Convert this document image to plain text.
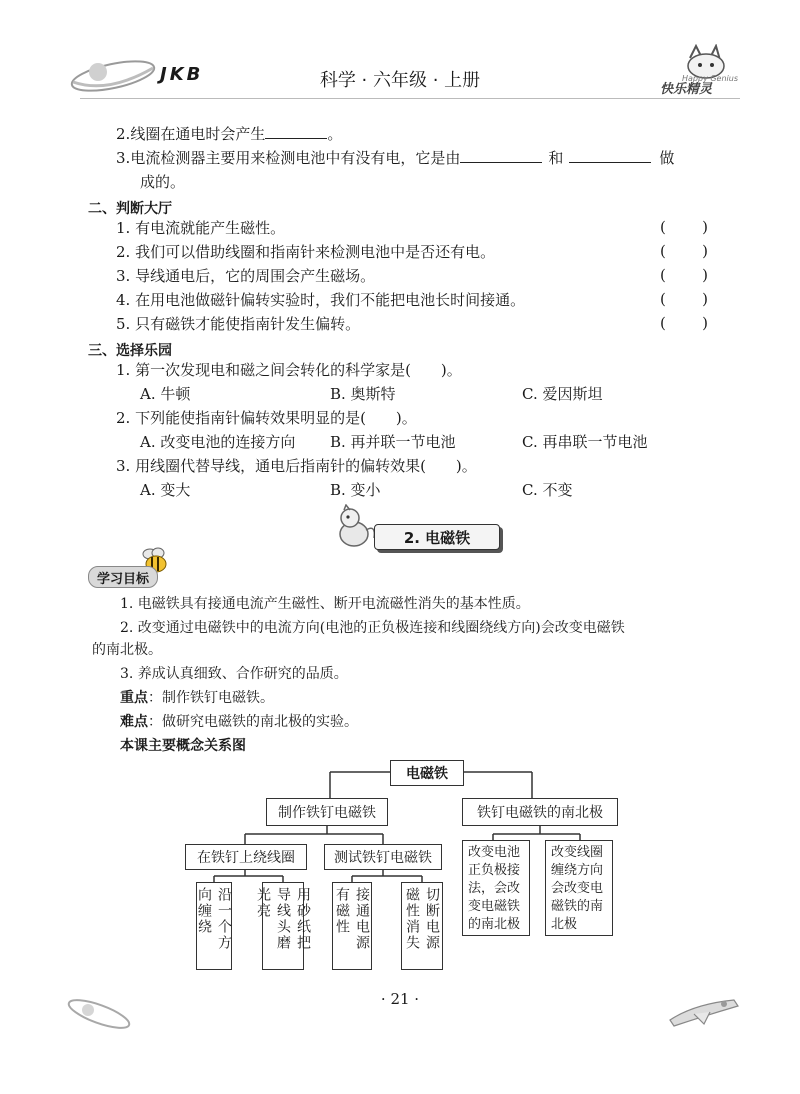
JKB	科学 · 六年级 · 上册	快乐精灵
Happy Genius
2.线圈在通电时会产生	。
3.电流检测器主要用来检测电池中有没有电，它是由	和	做
成的。
二、判断大厅
1. 有电流就能产生磁性。	( )
2. 我们可以借助线圈和指南针来检测电池中是否还有电。	( )
3. 导线通电后，它的周围会产生磁场。	( )
4. 在用电池做磁针偏转实验时，我们不能把电池长时间接通。	( )
5. 只有磁铁才能使指南针发生偏转。	( )
三、选择乐园
1. 第一次发现电和磁之间会转化的科学家是(　　)。
A. 牛顿	B. 奥斯特	C. 爱因斯坦
2. 下列能使指南针偏转效果明显的是(　　)。
A. 改变电池的连接方向 B. 再并联一节电池	C. 再串联一节电池
3. 用线圈代替导线，通电后指南针的偏转效果(　　)。
A. 变大	B. 变小	C. 不变
2. 电磁铁
学习目标
1. 电磁铁具有接通电流产生磁性、断开电流磁性消失的基本性质。
2. 改变通过电磁铁中的电流方向(电池的正负极连接和线圈绕线方向)会改变电磁铁
的南北极。
3. 养成认真细致、合作研究的品质。
重点：制作铁钉电磁铁。
难点：做研究电磁铁的南北极的实验。
本课主要概念关系图
电磁铁
制作铁钉电磁铁	铁钉电磁铁的南北极
在铁钉上绕线圈	测试铁钉电磁铁
沿一个方向缠绕	用砂纸把导线头磨光亮	接通电源有磁性	切断电源磁性消失
改变电池正负极接法，会改变电磁铁的南北极
改变线圈缠绕方向会改变电磁铁的南北极
· 21 ·
